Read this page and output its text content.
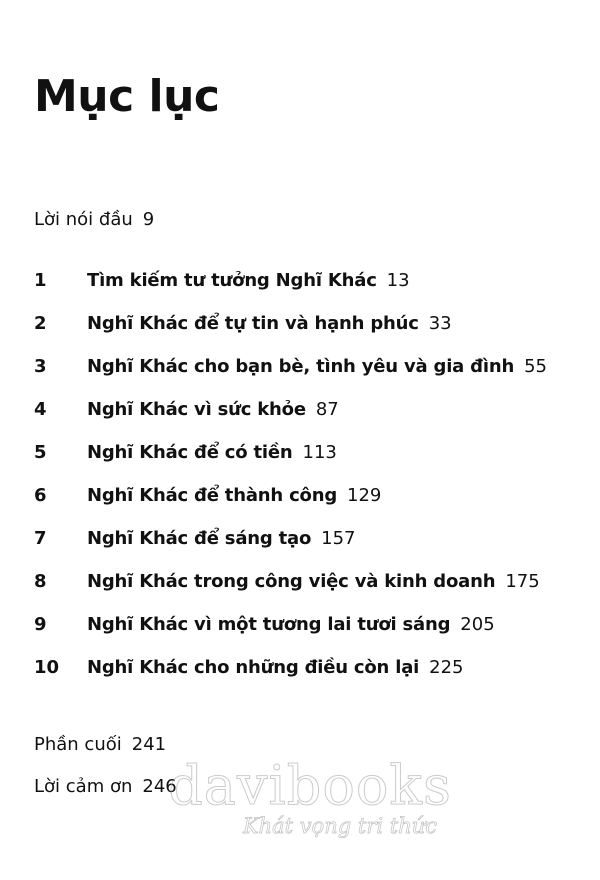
Mục lục
Lời nói đầu 9
1	Tìm kiếm tư tưởng Nghĩ Khác 13
2	Nghĩ Khác để tự tin và hạnh phúc 33
3	Nghĩ Khác cho bạn bè, tình yêu và gia đình 55
4	Nghĩ Khác vì sức khỏe 87
5	Nghĩ Khác để có tiền 113
6	Nghĩ Khác để thành công 129
7	Nghĩ Khác để sáng tạo 157
8	Nghĩ Khác trong công việc và kinh doanh 175
9	Nghĩ Khác vì một tương lai tươi sáng 205
10	Nghĩ Khác cho những điều còn lại 225
Phần cuối 241
Lời cảm ơn 246
davibooks
Khát vọng tri thức
